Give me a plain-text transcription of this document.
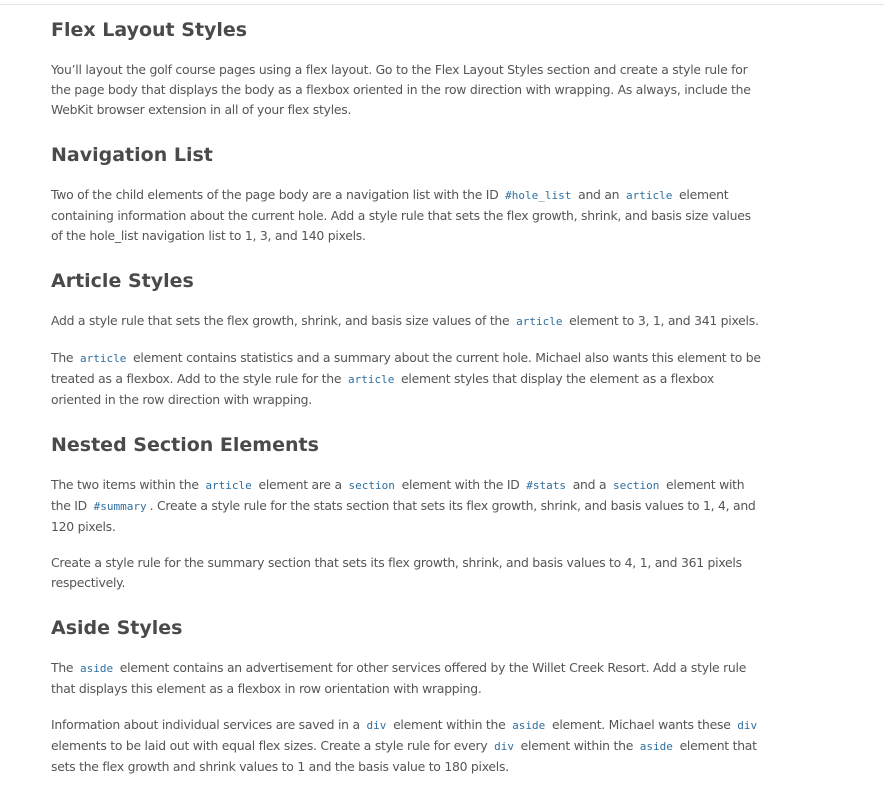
Flex Layout Styles

You’ll layout the golf course pages using a flex layout. Go to the Flex Layout Styles section and create a style rule for the page body that displays the body as a flexbox oriented in the row direction with wrapping. As always, include the WebKit browser extension in all of your flex styles.

Navigation List

Two of the child elements of the page body are a navigation list with the ID #hole_list and an article element containing information about the current hole. Add a style rule that sets the flex growth, shrink, and basis size values of the hole_list navigation list to 1, 3, and 140 pixels.

Article Styles

Add a style rule that sets the flex growth, shrink, and basis size values of the article element to 3, 1, and 341 pixels.

The article element contains statistics and a summary about the current hole. Michael also wants this element to be treated as a flexbox. Add to the style rule for the article element styles that display the element as a flexbox oriented in the row direction with wrapping.

Nested Section Elements

The two items within the article element are a section element with the ID #stats and a section element with the ID #summary . Create a style rule for the stats section that sets its flex growth, shrink, and basis values to 1, 4, and 120 pixels.

Create a style rule for the summary section that sets its flex growth, shrink, and basis values to 4, 1, and 361 pixels respectively.

Aside Styles

The aside element contains an advertisement for other services offered by the Willet Creek Resort. Add a style rule that displays this element as a flexbox in row orientation with wrapping.

Information about individual services are saved in a div element within the aside element. Michael wants these div elements to be laid out with equal flex sizes. Create a style rule for every div element within the aside element that sets the flex growth and shrink values to 1 and the basis value to 180 pixels.
